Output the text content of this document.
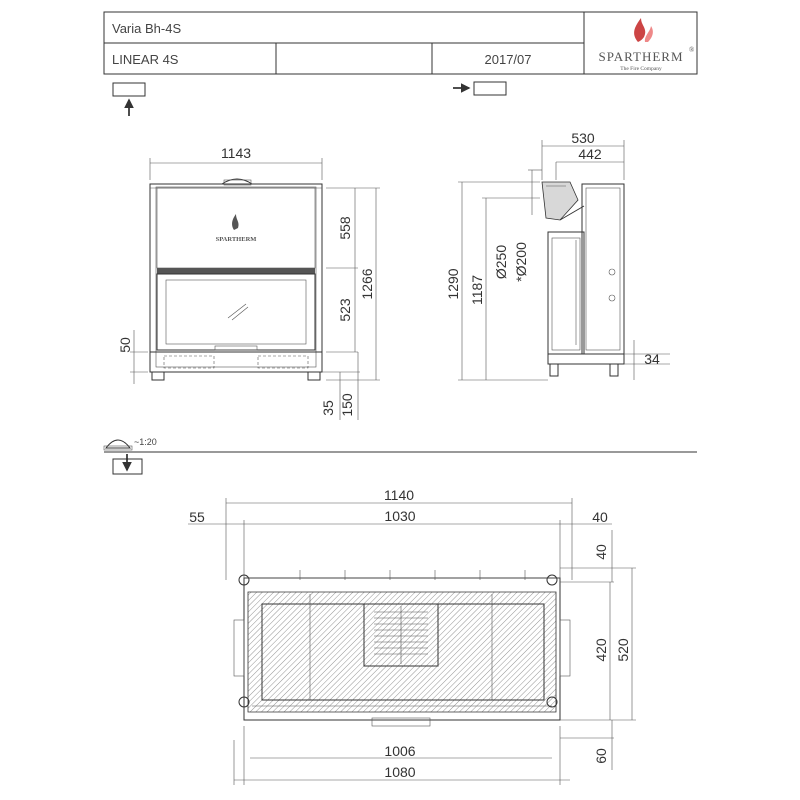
Varia Bh-4S
LINEAR 4S	2017/07	SPARTHERM ®
The Fire Company
SPARTHERM
1143
558
523
1266
50
35 150
530
442
1290 1187
Ø250 *Ø200
34
~1:20
1140
1030
55	40
40
420 520
60
1006
1080
